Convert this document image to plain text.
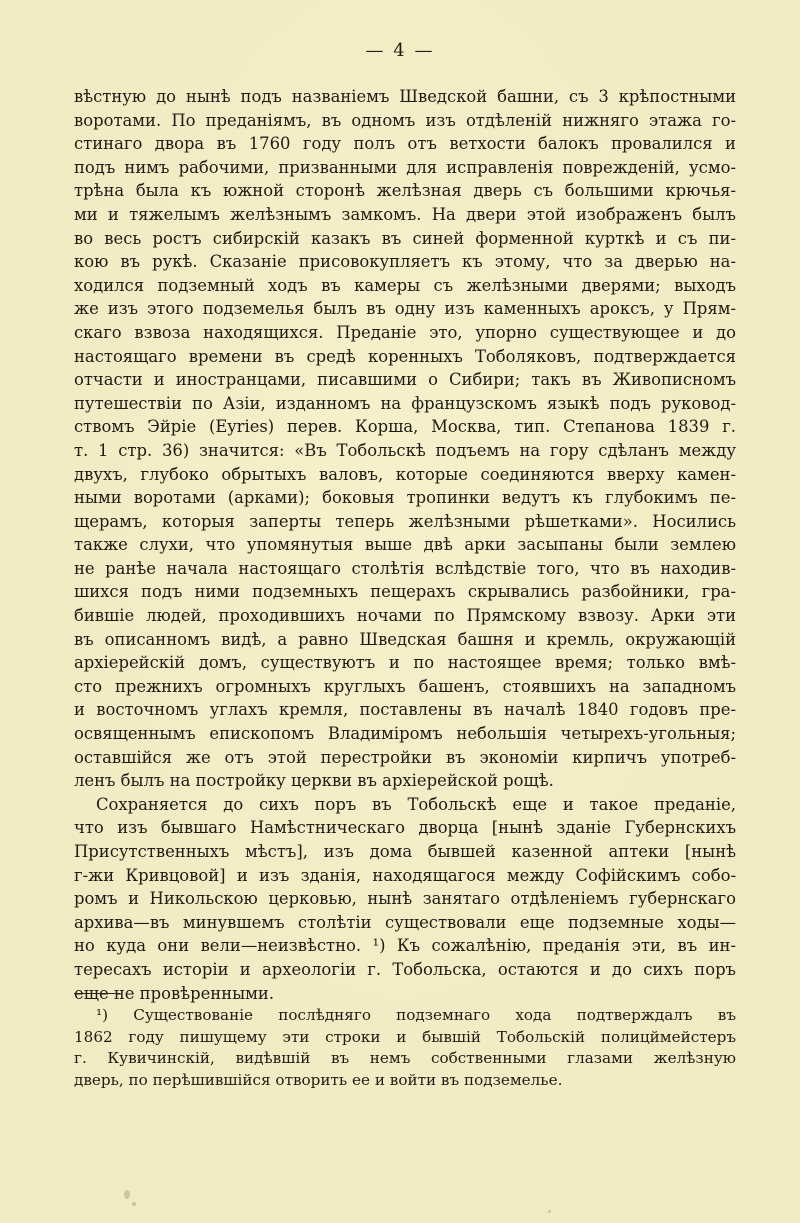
— 4 —
вѣстную до нынѣ подъ названіемъ Шведской башни, съ 3 крѣпостными
воротами. По преданіямъ, въ одномъ изъ отдѣленій нижняго этажа го-
стинаго двора въ 1760 году полъ отъ ветхости балокъ провалился и
подъ нимъ рабочими, призванными для исправленія поврежденій, усмо-
трѣна была къ южной сторонѣ желѣзная дверь съ большими крючья-
ми и тяжелымъ желѣзнымъ замкомъ. На двери этой изображенъ былъ
во весь ростъ сибирскій казакъ въ синей форменной курткѣ и съ пи-
кою въ рукѣ. Сказаніе присовокупляетъ къ этому, что за дверью на-
ходился подземный ходъ въ камеры съ желѣзными дверями; выходъ
же изъ этого подземелья былъ въ одну изъ каменныхъ ароксъ, у Прям-
скаго взвоза находящихся. Преданіе это, упорно существующее и до
настоящаго времени въ средѣ коренныхъ Тоболяковъ, подтверждается
отчасти и иностранцами, писавшими о Сибири; такъ въ Живописномъ
путешествіи по Азіи, изданномъ на французскомъ языкѣ подъ руковод-
ствомъ Эйріе (Eyries) перев. Корша, Москва, тип. Степанова 1839 г.
т. 1 стр. 36) значится: «Въ Тобольскѣ подъемъ на гору сдѣланъ между
двухъ, глубоко обрытыхъ валовъ, которые соединяются вверху камен-
ными воротами (арками); боковыя тропинки ведутъ къ глубокимъ пе-
щерамъ, которыя заперты теперь желѣзными рѣшетками». Носились
также слухи, что упомянутыя выше двѣ арки засыпаны были землею
не ранѣе начала настоящаго столѣтія вслѣдствіе того, что въ находив-
шихся подъ ними подземныхъ пещерахъ скрывались разбойники, гра-
бившіе людей, проходившихъ ночами по Прямскому взвозу. Арки эти
въ описанномъ видѣ, а равно Шведская башня и кремль, окружающій
архіерейскій домъ, существуютъ и по настоящее время; только вмѣ-
сто прежнихъ огромныхъ круглыхъ башенъ, стоявшихъ на западномъ
и восточномъ углахъ кремля, поставлены въ началѣ 1840 годовъ пре-
освященнымъ епископомъ Владиміромъ небольшія четырехъ-угольныя;
оставшійся же отъ этой перестройки въ экономіи кирпичъ употреб-
ленъ былъ на постройку церкви въ архіерейской рощѣ.
Сохраняется до сихъ поръ въ Тобольскѣ еще и такое преданіе,
что изъ бывшаго Намѣстническаго дворца [нынѣ зданіе Губернскихъ
Присутственныхъ мѣстъ], изъ дома бывшей казенной аптеки [нынѣ
г-жи Кривцовой] и изъ зданія, находящагося между Софійскимъ собо-
ромъ и Никольскою церковью, нынѣ занятаго отдѣленіемъ губернскаго
архива—въ минувшемъ столѣтіи существовали еще подземные ходы—
но куда они вели—неизвѣстно. ¹) Къ сожалѣнію, преданія эти, въ ин-
тересахъ исторіи и археологіи г. Тобольска, остаются и до сихъ поръ
еще не провѣренными.
¹) Существованіе послѣдняго подземнаго хода подтверждалъ въ
1862 году пишущему эти строки и бывшій Тобольскій полицймейстеръ
г. Кувичинскій, видѣвшій въ немъ собственными глазами желѣзную
дверь, по перѣшившійся отворить ее и войти въ подземелье.
